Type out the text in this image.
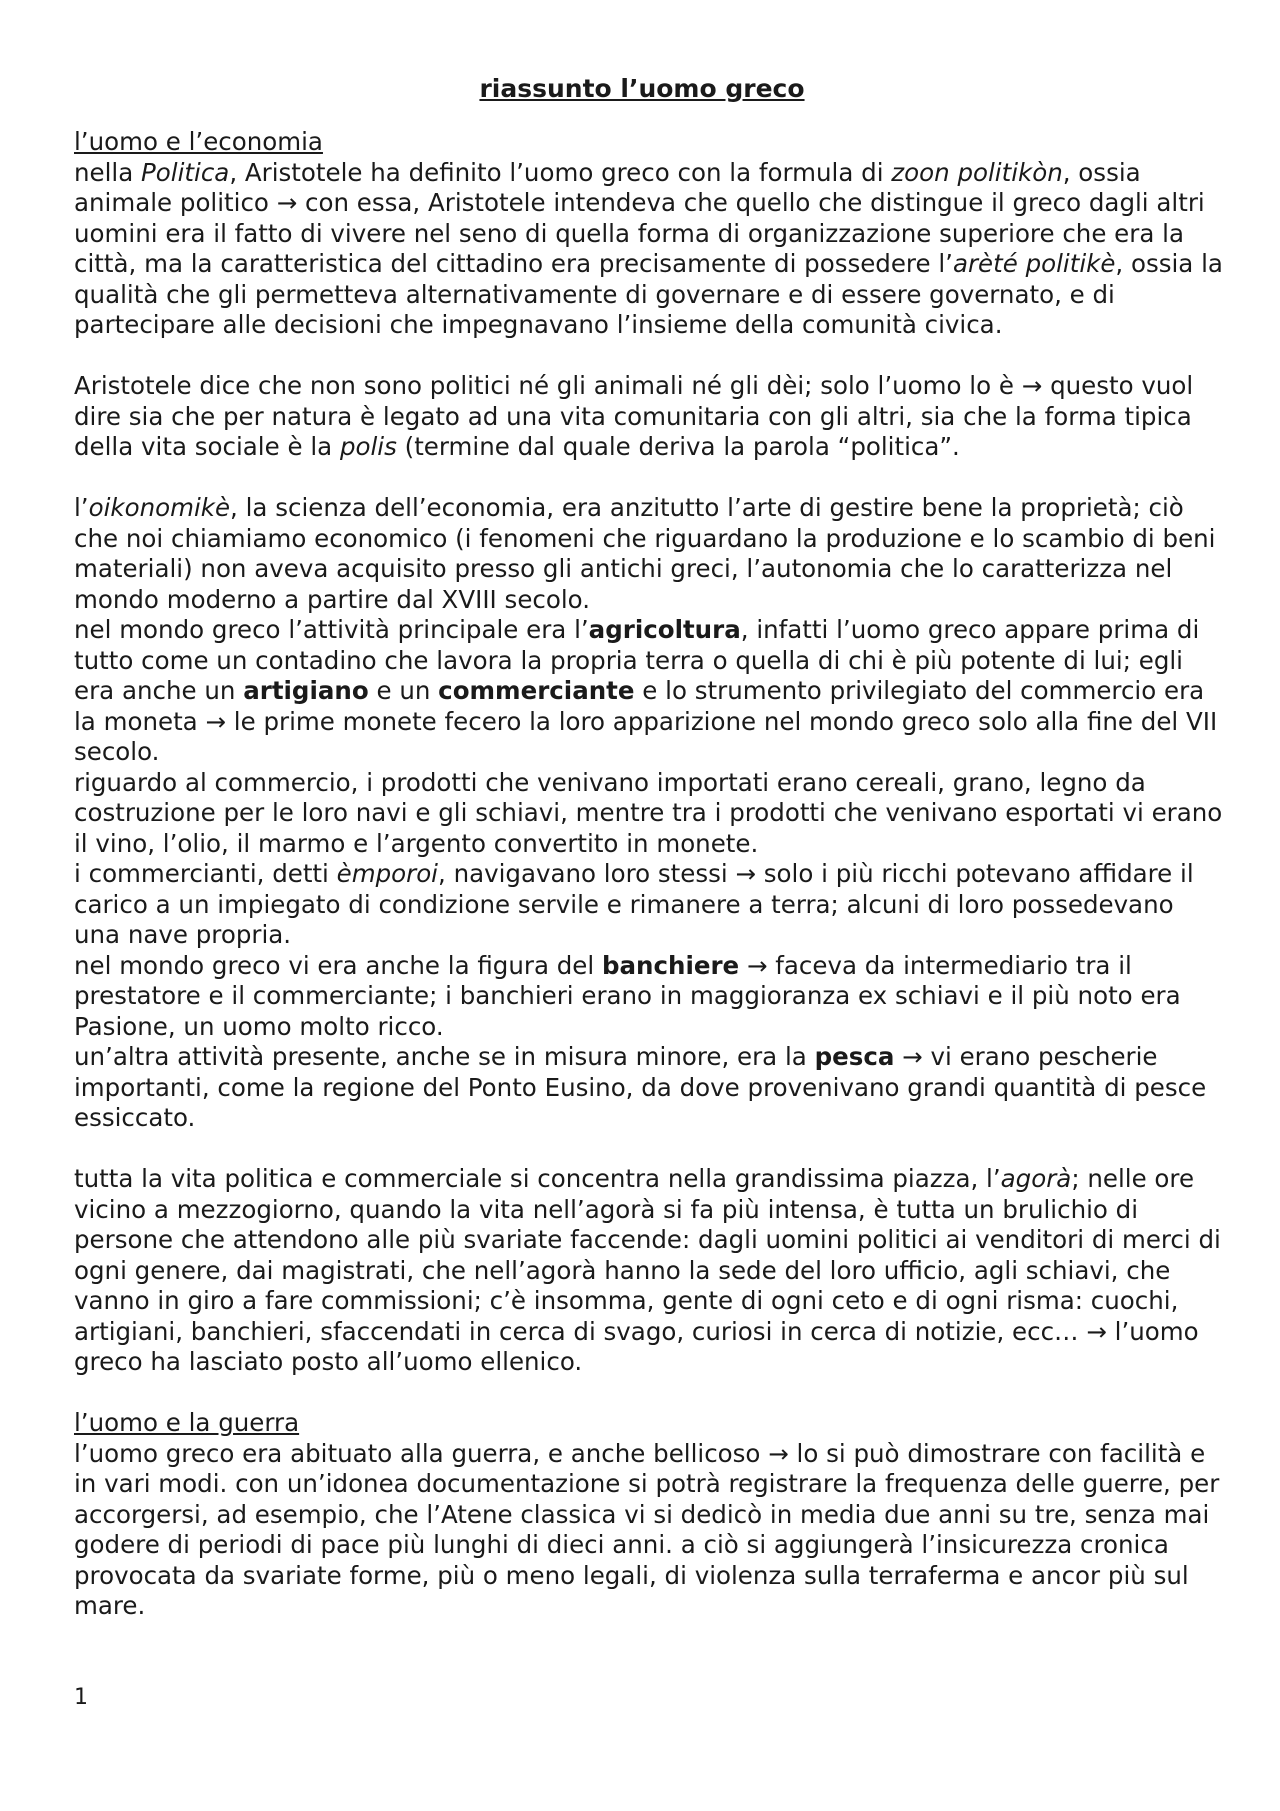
riassunto l’uomo greco
l’uomo e l’economia

nella Politica, Aristotele ha definito l’uomo greco con la formula di zoon politikòn, ossia animale politico → con essa, Aristotele intendeva che quello che distingue il greco dagli altri uomini era il fatto di vivere nel seno di quella forma di organizzazione superiore che era la città, ma la caratteristica del cittadino era precisamente di possedere l’arèté politikè, ossia la qualità che gli permetteva alternativamente di governare e di essere governato, e di partecipare alle decisioni che impegnavano l’insieme della comunità civica.

Aristotele dice che non sono politici né gli animali né gli dèi; solo l’uomo lo è → questo vuol dire sia che per natura è legato ad una vita comunitaria con gli altri, sia che la forma tipica della vita sociale è la polis (termine dal quale deriva la parola “politica”.

l’oikonomikè, la scienza dell’economia, era anzitutto l’arte di gestire bene la proprietà; ciò che noi chiamiamo economico (i fenomeni che riguardano la produzione e lo scambio di beni materiali) non aveva acquisito presso gli antichi greci, l’autonomia che lo caratterizza nel mondo moderno a partire dal XVIII secolo.

nel mondo greco l’attività principale era l’agricoltura, infatti l’uomo greco appare prima di tutto come un contadino che lavora la propria terra o quella di chi è più potente di lui; egli era anche un artigiano e un commerciante e lo strumento privilegiato del commercio era la moneta → le prime monete fecero la loro apparizione nel mondo greco solo alla fine del VII secolo.

riguardo al commercio, i prodotti che venivano importati erano cereali, grano, legno da costruzione per le loro navi e gli schiavi, mentre tra i prodotti che venivano esportati vi erano il vino, l’olio, il marmo e l’argento convertito in monete.

i commercianti, detti èmporoi, navigavano loro stessi → solo i più ricchi potevano affidare il carico a un impiegato di condizione servile e rimanere a terra; alcuni di loro possedevano una nave propria.

nel mondo greco vi era anche la figura del banchiere → faceva da intermediario tra il prestatore e il commerciante; i banchieri erano in maggioranza ex schiavi e il più noto era Pasione, un uomo molto ricco.

un’altra attività presente, anche se in misura minore, era la pesca → vi erano pescherie importanti, come la regione del Ponto Eusino, da dove provenivano grandi quantità di pesce essiccato.

tutta la vita politica e commerciale si concentra nella grandissima piazza, l’agorà; nelle ore vicino a mezzogiorno, quando la vita nell’agorà si fa più intensa, è tutta un brulichio di persone che attendono alle più svariate faccende: dagli uomini politici ai venditori di merci di ogni genere, dai magistrati, che nell’agorà hanno la sede del loro ufficio, agli schiavi, che vanno in giro a fare commissioni; c’è insomma, gente di ogni ceto e di ogni risma: cuochi, artigiani, banchieri, sfaccendati in cerca di svago, curiosi in cerca di notizie, ecc… → l’uomo greco ha lasciato posto all’uomo ellenico.

l’uomo e la guerra

l’uomo greco era abituato alla guerra, e anche bellicoso → lo si può dimostrare con facilità e in vari modi. con un’idonea documentazione si potrà registrare la frequenza delle guerre, per accorgersi, ad esempio, che l’Atene classica vi si dedicò in media due anni su tre, senza mai godere di periodi di pace più lunghi di dieci anni. a ciò si aggiungerà l’insicurezza cronica provocata da svariate forme, più o meno legali, di violenza sulla terraferma e ancor più sul mare.

1
